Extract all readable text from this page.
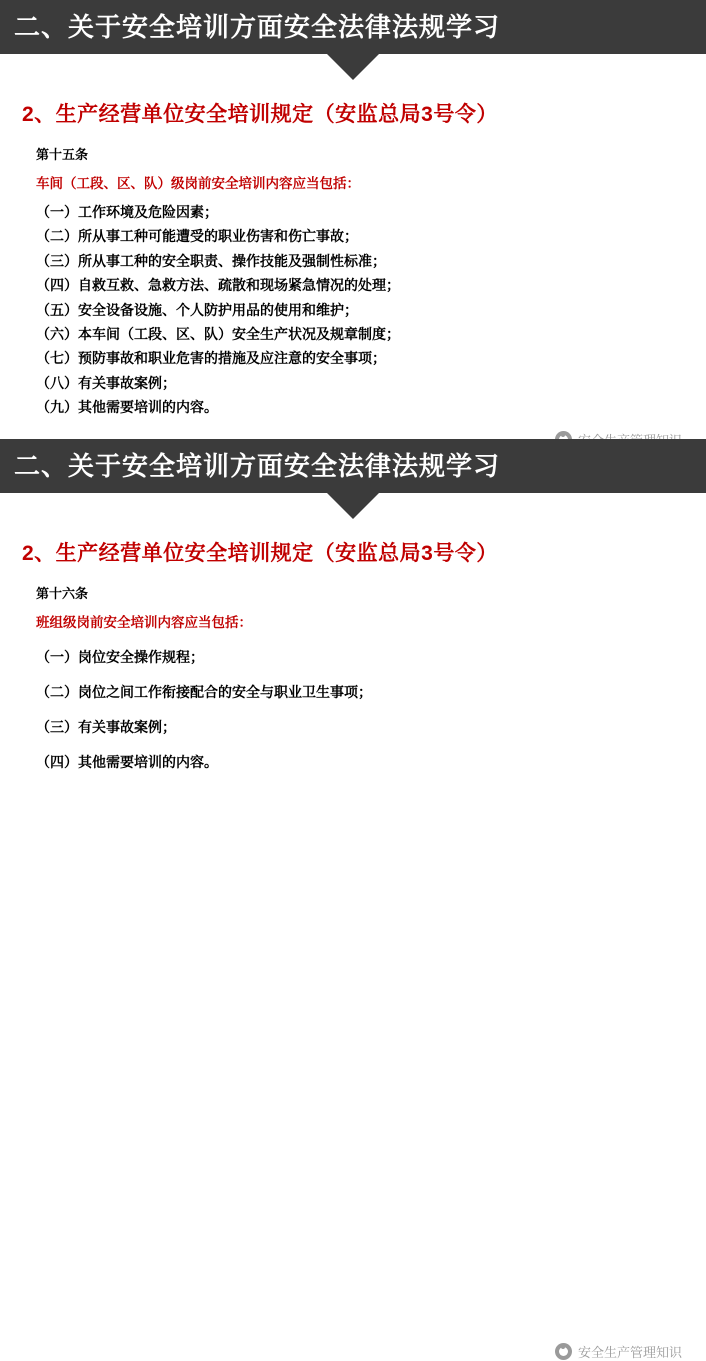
二、关于安全培训方面安全法律法规学习
2、生产经营单位安全培训规定（安监总局3号令）
第十五条
车间（工段、区、队）级岗前安全培训内容应当包括：
（一）工作环境及危险因素；
（二）所从事工种可能遭受的职业伤害和伤亡事故；
（三）所从事工种的安全职责、操作技能及强制性标准；
（四）自救互救、急救方法、疏散和现场紧急情况的处理；
（五）安全设备设施、个人防护用品的使用和维护；
（六）本车间（工段、区、队）安全生产状况及规章制度；
（七）预防事故和职业危害的措施及应注意的安全事项；
（八）有关事故案例；
（九）其他需要培训的内容。
二、关于安全培训方面安全法律法规学习
2、生产经营单位安全培训规定（安监总局3号令）
第十六条
班组级岗前安全培训内容应当包括：
（一）岗位安全操作规程；
（二）岗位之间工作衔接配合的安全与职业卫生事项；
（三）有关事故案例；
（四）其他需要培训的内容。
安全生产管理知识
